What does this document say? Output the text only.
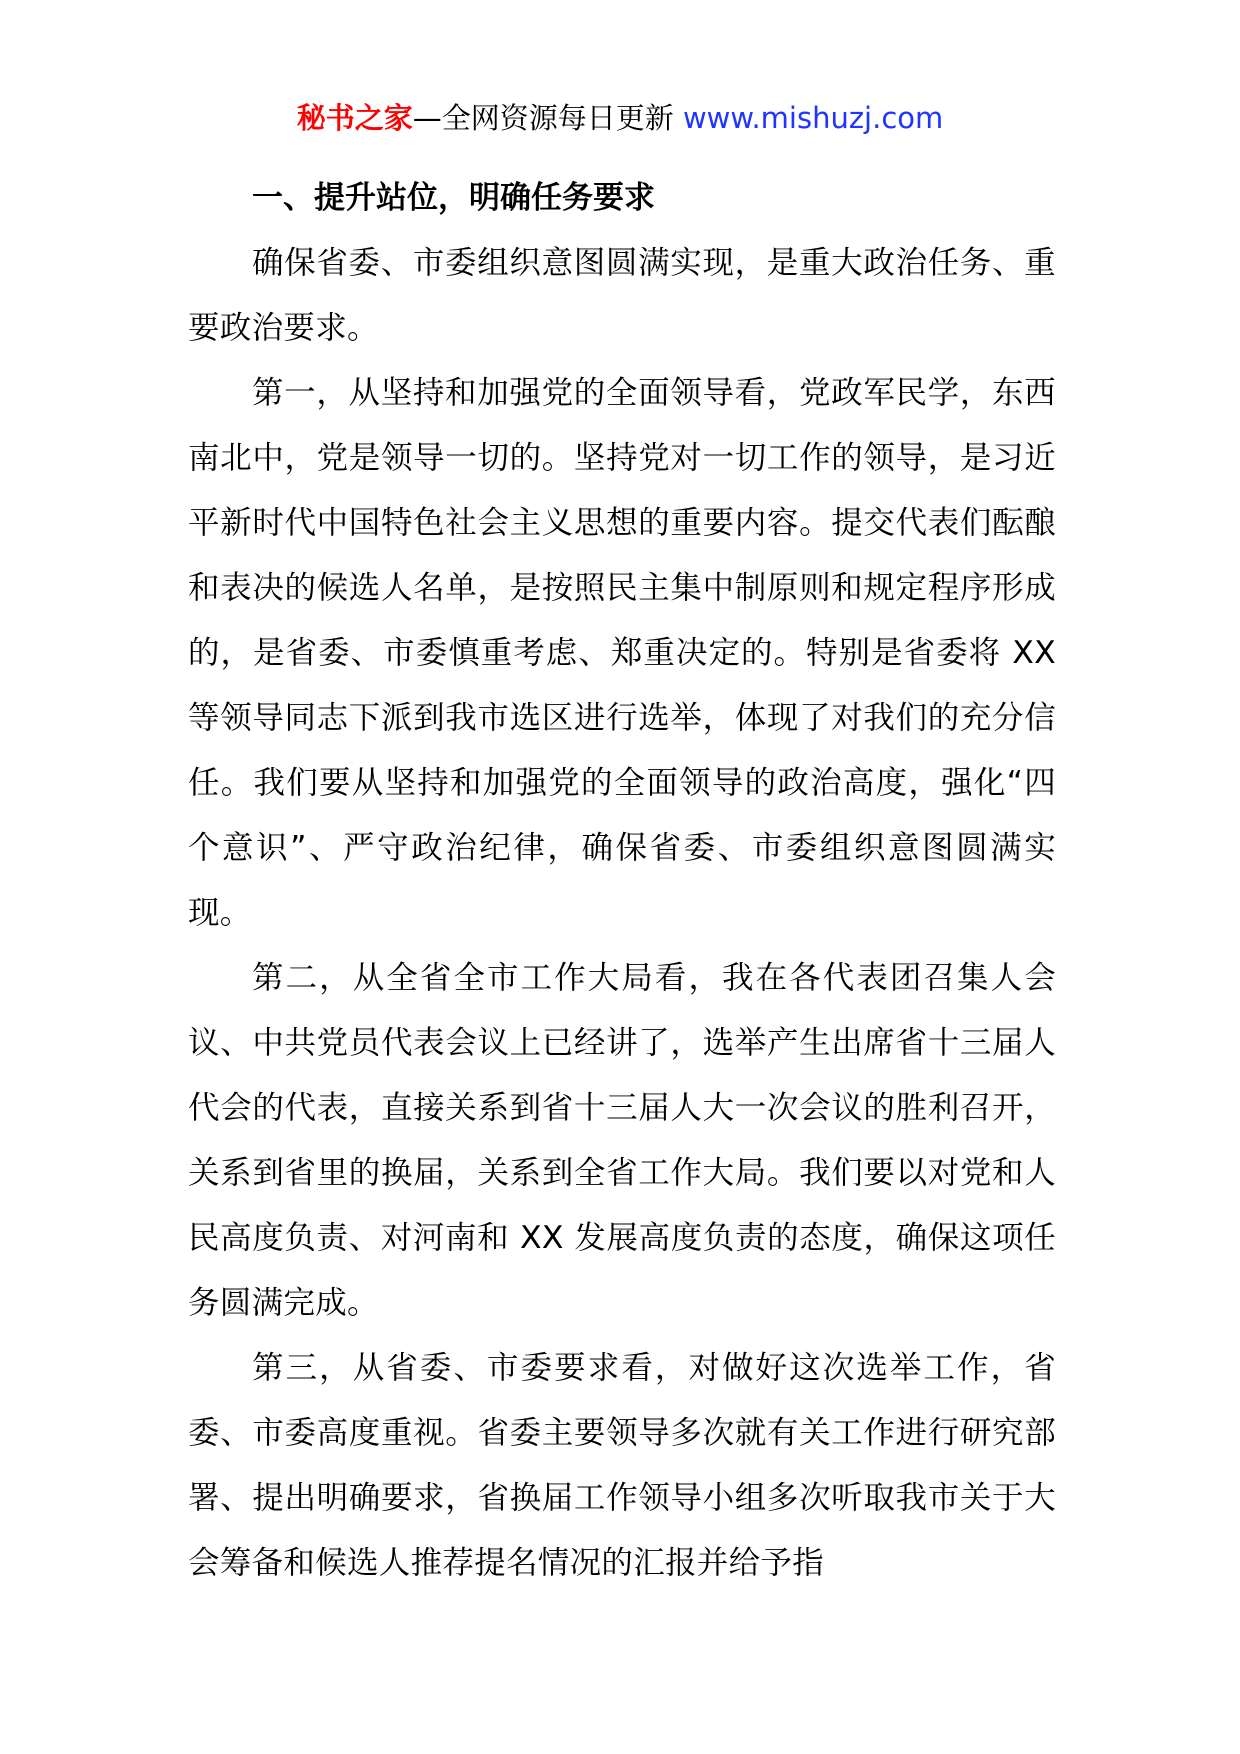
秘书之家—全网资源每日更新 www.mishuzj.com
一、提升站位，明确任务要求

确保省委、市委组织意图圆满实现，是重大政治任务、重要政治要求。

第一，从坚持和加强党的全面领导看，党政军民学，东西南北中，党是领导一切的。坚持党对一切工作的领导，是习近平新时代中国特色社会主义思想的重要内容。提交代表们酝酿和表决的候选人名单，是按照民主集中制原则和规定程序形成的，是省委、市委慎重考虑、郑重决定的。特别是省委将 XX 等领导同志下派到我市选区进行选举，体现了对我们的充分信任。我们要从坚持和加强党的全面领导的政治高度，强化“四个意识”、严守政治纪律，确保省委、市委组织意图圆满实现。

第二，从全省全市工作大局看，我在各代表团召集人会议、中共党员代表会议上已经讲了，选举产生出席省十三届人代会的代表，直接关系到省十三届人大一次会议的胜利召开，关系到省里的换届，关系到全省工作大局。我们要以对党和人民高度负责、对河南和 XX 发展高度负责的态度，确保这项任务圆满完成。

第三，从省委、市委要求看，对做好这次选举工作，省委、市委高度重视。省委主要领导多次就有关工作进行研究部署、提出明确要求，省换届工作领导小组多次听取我市关于大会筹备和候选人推荐提名情况的汇报并给予指
